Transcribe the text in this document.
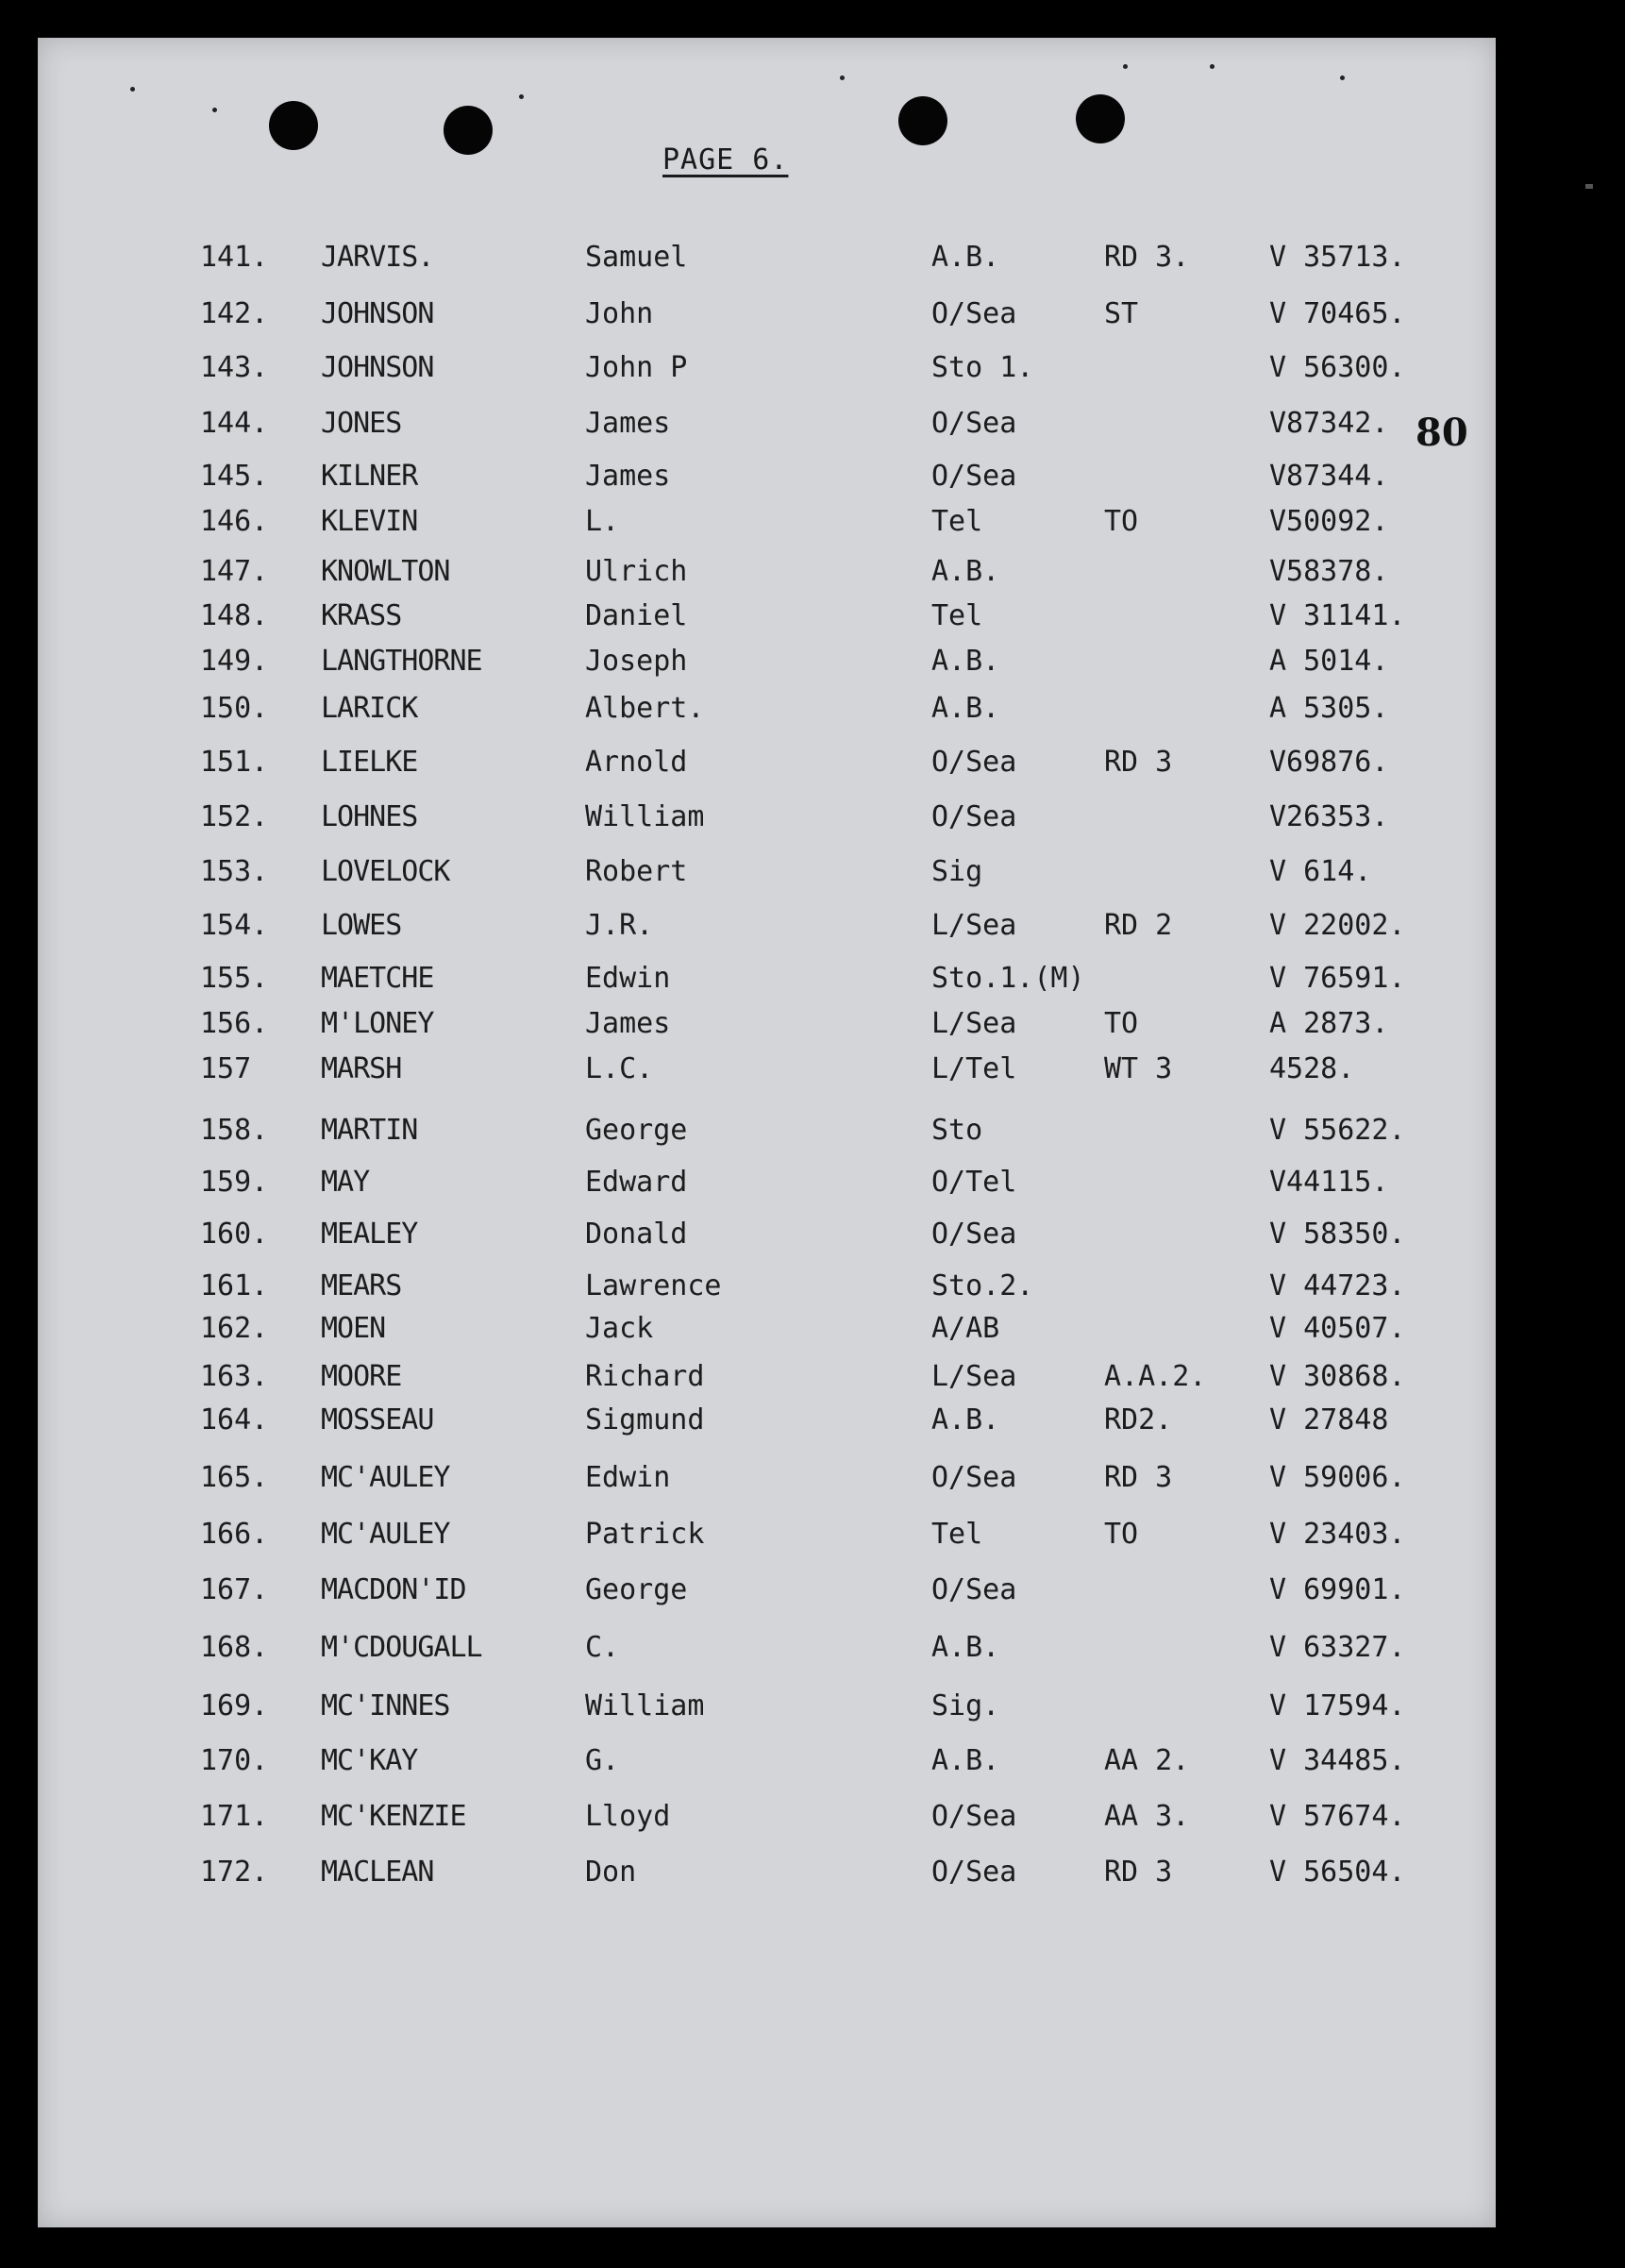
PAGE 6.
80
141. JARVIS.	Samuel	A.B.	RD 3.	V 35713.
142. JOHNSON	John	O/Sea	ST	V 70465.
143. JOHNSON	John P	Sto 1.	V 56300.
144. JONES	James	O/Sea	V87342.
145. KILNER	James	O/Sea	V87344.
146. KLEVIN	L.	Tel	TO	V50092.
147. KNOWLTON	Ulrich	A.B.	V58378.
148. KRASS	Daniel	Tel	V 31141.
149. LANGTHORNE	Joseph	A.B.	A 5014.
150. LARICK	Albert.	A.B.	A 5305.
151. LIELKE	Arnold	O/Sea	RD 3	V69876.
152. LOHNES	William	O/Sea	V26353.
153. LOVELOCK	Robert	Sig	V 614.
154. LOWES	J.R.	L/Sea	RD 2	V 22002.
155. MAETCHE	Edwin	Sto.1.(M)	V 76591.
156. M'LONEY	James	L/Sea	TO	A 2873.
157 MARSH	L.C.	L/Tel	WT 3	4528.
158. MARTIN	George	Sto	V 55622.
159. MAY	Edward	O/Tel	V44115.
160. MEALEY	Donald	O/Sea	V 58350.
161. MEARS	Lawrence	Sto.2.	V 44723.
162. MOEN	Jack	A/AB	V 40507.
163. MOORE	Richard	L/Sea	A.A.2. V 30868.
164. MOSSEAU	Sigmund	A.B.	RD2.	V 27848
165. MC'AULEY	Edwin	O/Sea	RD 3	V 59006.
166. MC'AULEY	Patrick	Tel	TO	V 23403.
167. MACDON'ID	George	O/Sea	V 69901.
168. M'CDOUGALL	C.	A.B.	V 63327.
169. MC'INNES	William	Sig.	V 17594.
170. MC'KAY	G.	A.B.	AA 2.	V 34485.
171. MC'KENZIE	Lloyd	O/Sea	AA 3.	V 57674.
172. MACLEAN	Don	O/Sea	RD 3	V 56504.
